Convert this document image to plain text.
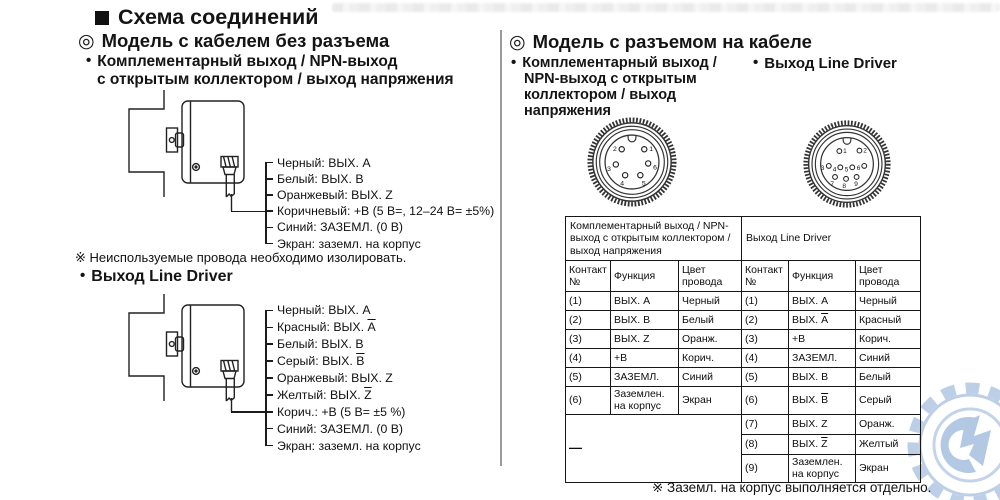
Схема соединений
◎ Модель с кабелем без разъема
• Комплементарный выход / NPN-выход
с открытым коллектором / выход напряжения
Черный: ВЫХ. A
Белый: ВЫХ. B
Оранжевый: ВЫХ. Z
Коричневый: +B (5 В=, 12–24 В= ±5%)
Синий: ЗАЗЕМЛ. (0 В)
Экран: заземл. на корпус
※ Неиспользуемые провода необходимо изолировать.
• Выход Line Driver
Черный: ВЫХ. A
Красный: ВЫХ. $\overline{A}$
Белый: ВЫХ. B
Серый: ВЫХ. $\overline{B}$
Оранжевый: ВЫХ. Z
Желтый: ВЫХ. $\overline{Z}$
Корич.: +B (5 В= ±5 %)
Синий: ЗАЗЕМЛ. (0 В)
Экран: заземл. на корпус
◎ Модель с разъемом на кабеле
• Комплементарный выход /
NPN-выход с открытым
коллектором / выход
напряжения
• Выход Line Driver
1
2
3
4	5
6
1 2
3 4 5 6
7 8 9
Комплементарный выход / NPN-выход с открытым коллектором / выход напряжения			Выход Line Driver		
Контакт №	Функция	Цвет провода	Контакт №	Функция	Цвет провода
(1)	ВЫХ. A	Черный	(1)	ВЫХ. A	Черный
(2)	ВЫХ. B	Белый	(2)	ВЫХ. $\overline{A}$	Красный
(3)	ВЫХ. Z	Оранж.	(3)	+B	Корич.
(4)	+B	Корич.	(4)	ЗАЗЕМЛ.	Синий
(5)	ЗАЗЕМЛ.	Синий	(5)	ВЫХ. B	Белый
(6)	Заземлен. на корпус	Экран	(6)	ВЫХ. $\overline{B}$	Серый
—			(7)	ВЫХ. Z	Оранж.
			(8)	ВЫХ. $\overline{Z}$	Желтый
			(9)	Заземлен. на корпус	Экран
※ Заземл. на корпус выполняется отдельно.
